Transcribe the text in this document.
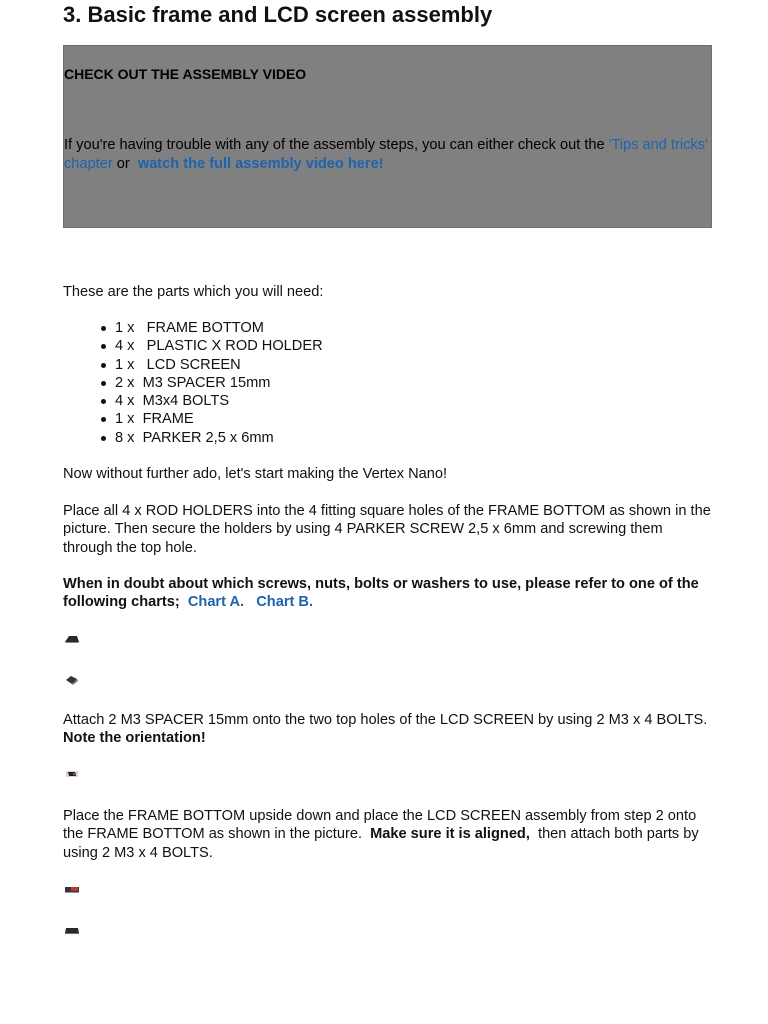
3. Basic frame and LCD screen assembly
CHECK OUT THE ASSEMBLY VIDEO
If you're having trouble with any of the assembly steps, you can either check out the 'Tips and tricks' chapter or  watch the full assembly video here!
These are the parts which you will need:
1 x   FRAME BOTTOM
4 x   PLASTIC X ROD HOLDER
1 x   LCD SCREEN
2 x  M3 SPACER 15mm
4 x  M3x4 BOLTS
1 x  FRAME
8 x  PARKER 2,5 x 6mm
Now without further ado, let's start making the Vertex Nano!
Place all 4 x ROD HOLDERS into the 4 fitting square holes of the FRAME BOTTOM as shown in the picture. Then secure the holders by using 4 PARKER SCREW 2,5 x 6mm and screwing them through the top hole.
When in doubt about which screws, nuts, bolts or washers to use, please refer to one of the following charts; Chart A. Chart B.
Attach 2 M3 SPACER 15mm onto the two top holes of the LCD SCREEN by using 2 M3 x 4 BOLTS.  Note the orientation!
Place the FRAME BOTTOM upside down and place the LCD SCREEN assembly from step 2 onto the FRAME BOTTOM as shown in the picture. Make sure it is aligned, then attach both parts by using 2 M3 x 4 BOLTS.
